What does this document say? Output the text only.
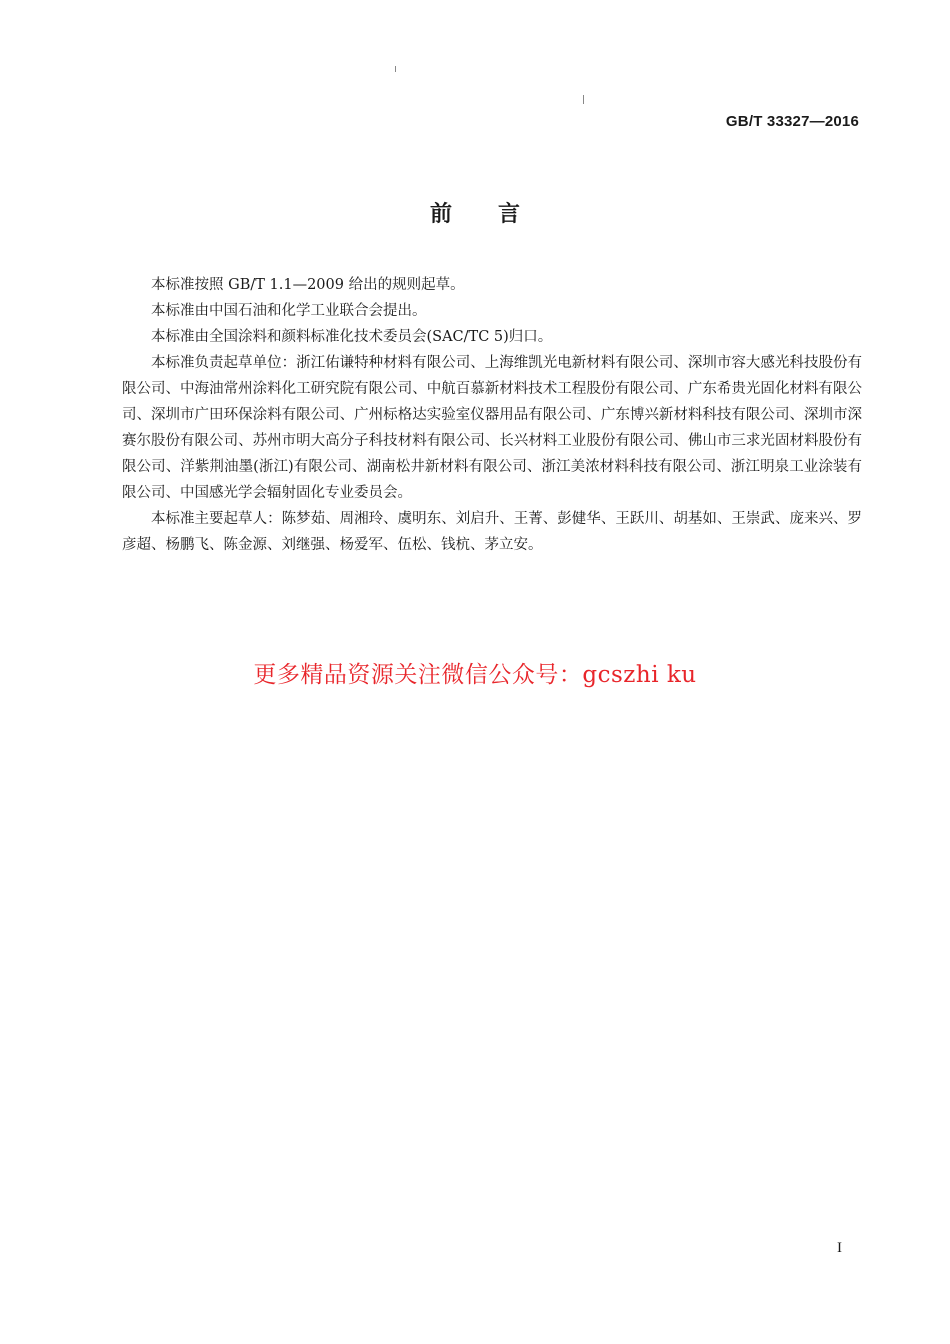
GB/T 33327—2016
前言

本标准按照 GB/T 1.1—2009 给出的规则起草。

本标准由中国石油和化学工业联合会提出。

本标准由全国涂料和颜料标准化技术委员会(SAC/TC 5)归口。

本标准负责起草单位：浙江佑谦特种材料有限公司、上海维凯光电新材料有限公司、深圳市容大感光科技股份有限公司、中海油常州涂料化工研究院有限公司、中航百慕新材料技术工程股份有限公司、广东希贵光固化材料有限公司、深圳市广田环保涂料有限公司、广州标格达实验室仪器用品有限公司、广东博兴新材料科技有限公司、深圳市深赛尔股份有限公司、苏州市明大高分子科技材料有限公司、长兴材料工业股份有限公司、佛山市三求光固材料股份有限公司、洋紫荆油墨(浙江)有限公司、湖南松井新材料有限公司、浙江美浓材料科技有限公司、浙江明泉工业涂装有限公司、中国感光学会辐射固化专业委员会。

本标准主要起草人：陈梦茹、周湘玲、虞明东、刘启升、王菁、彭健华、王跃川、胡基如、王崇武、庞来兴、罗彦超、杨鹏飞、陈金源、刘继强、杨爱军、伍松、钱杭、茅立安。

更多精品资源关注微信公众号：gcszhi ku
I
